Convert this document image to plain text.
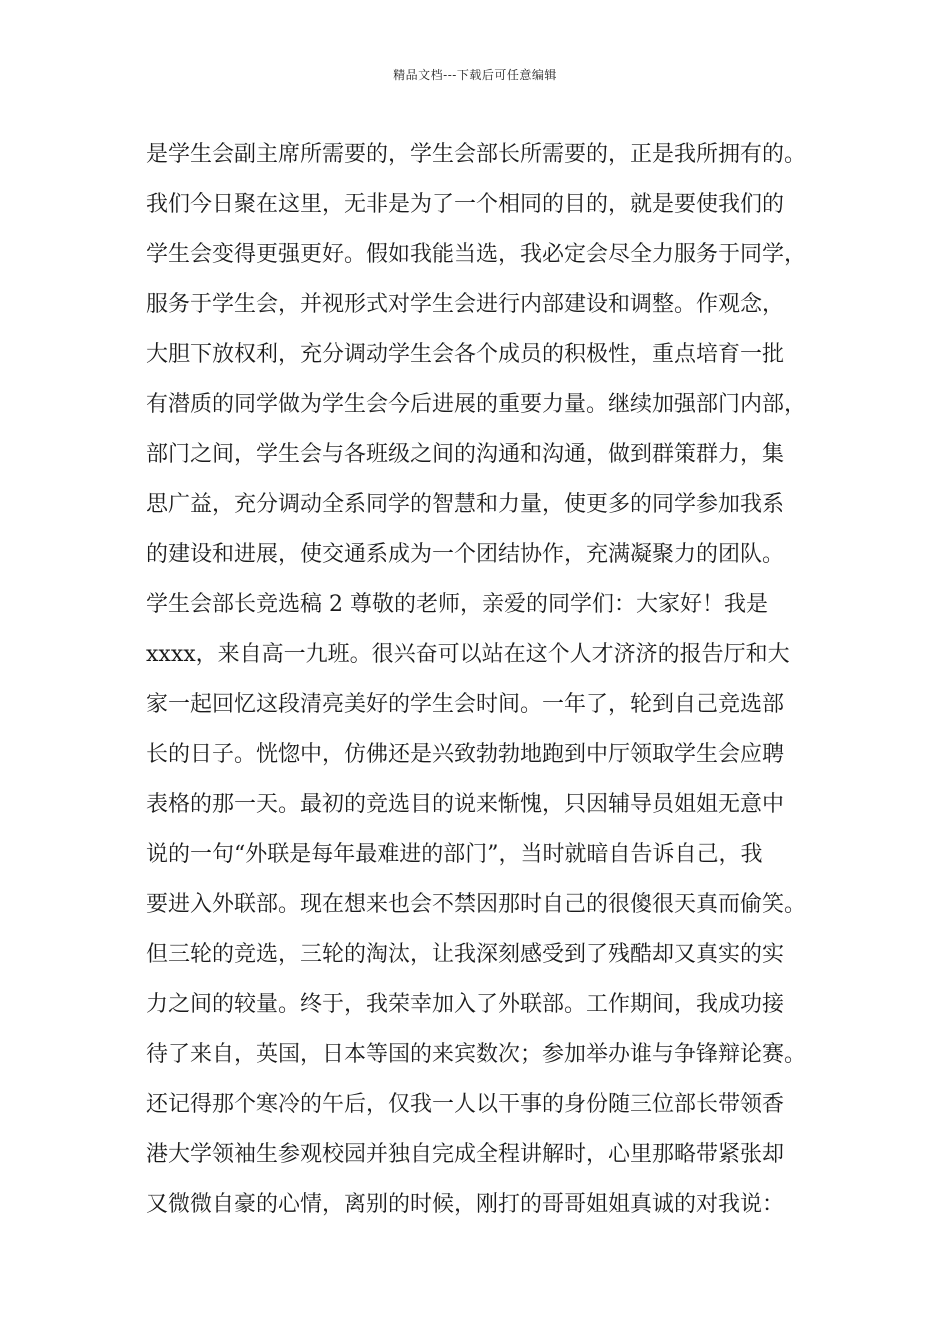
精品文档---下载后可任意编辑
是学生会副主席所需要的，学生会部长所需要的，正是我所拥有的。
我们今日聚在这里，无非是为了一个相同的目的，就是要使我们的
学生会变得更强更好。假如我能当选，我必定会尽全力服务于同学，
服务于学生会，并视形式对学生会进行内部建设和调整。作观念，
大胆下放权利，充分调动学生会各个成员的积极性，重点培育一批
有潜质的同学做为学生会今后进展的重要力量。继续加强部门内部，
部门之间，学生会与各班级之间的沟通和沟通，做到群策群力，集
思广益，充分调动全系同学的智慧和力量，使更多的同学参加我系
的建设和进展，使交通系成为一个团结协作，充满凝聚力的团队。
学生会部长竞选稿 2 尊敬的老师，亲爱的同学们：大家好！我是
xxxx，来自高一九班。很兴奋可以站在这个人才济济的报告厅和大
家一起回忆这段清亮美好的学生会时间。一年了，轮到自己竞选部
长的日子。恍惚中，仿佛还是兴致勃勃地跑到中厅领取学生会应聘
表格的那一天。最初的竞选目的说来惭愧，只因辅导员姐姐无意中
说的一句“外联是每年最难进的部门”，当时就暗自告诉自己，我
要进入外联部。现在想来也会不禁因那时自己的很傻很天真而偷笑。
但三轮的竞选，三轮的淘汰，让我深刻感受到了残酷却又真实的实
力之间的较量。终于，我荣幸加入了外联部。工作期间，我成功接
待了来自，英国，日本等国的来宾数次；参加举办谁与争锋辩论赛。
还记得那个寒冷的午后，仅我一人以干事的身份随三位部长带领香
港大学领袖生参观校园并独自完成全程讲解时，心里那略带紧张却
又微微自豪的心情，离别的时候，刚打的哥哥姐姐真诚的对我说：
